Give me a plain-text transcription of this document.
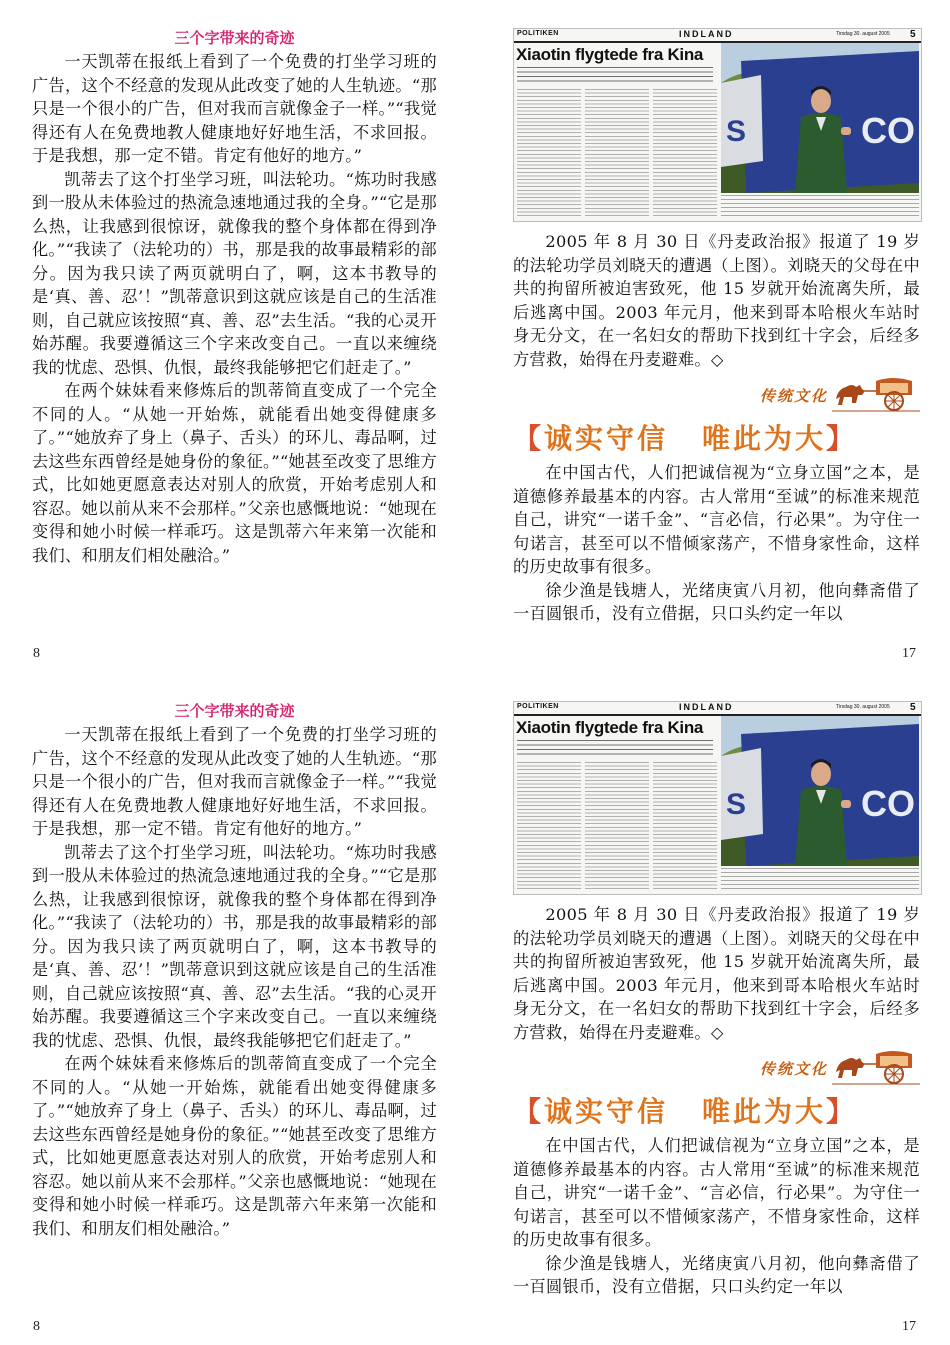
三个字带来的奇迹

一天凯蒂在报纸上看到了一个免费的打坐学习班的广告，这个不经意的发现从此改变了她的人生轨迹。“那只是一个很小的广告，但对我而言就像金子一样。”“我觉得还有人在免费地教人健康地好好地生活，不求回报。于是我想，那一定不错。肯定有他好的地方。”

凯蒂去了这个打坐学习班，叫法轮功。“炼功时我感到一股从未体验过的热流急速地通过我的全身。”“它是那么热，让我感到很惊讶，就像我的整个身体都在得到净化。”“我读了（法轮功的）书，那是我的故事最精彩的部分。因为我只读了两页就明白了，啊，这本书教导的是‘真、善、忍’！”凯蒂意识到这就应该是自己的生活准则，自己就应该按照“真、善、忍”去生活。“我的心灵开始苏醒。我要遵循这三个字来改变自己。一直以来缠绕我的忧虑、恐惧、仇恨，最终我能够把它们赶走了。”

在两个妹妹看来修炼后的凯蒂简直变成了一个完全不同的人。“从她一开始炼，就能看出她变得健康多了。”“她放弃了身上（鼻子、舌头）的环儿、毒品啊，过去这些东西曾经是她身份的象征。”“她甚至改变了思维方式，比如她更愿意表达对别人的欣赏，开始考虑别人和容忍。她以前从来不会那样。”父亲也感慨地说：“她现在变得和她小时候一样乖巧。这是凯蒂六年来第一次能和我们、和朋友们相处融洽。”

8
POLITIKEN	INDLAND	Tirsdag 30. august 2005 5
Xiaotin flygtede fra Kina
S	CO

2005 年 8 月 30 日《丹麦政治报》报道了 19 岁的法轮功学员刘晓天的遭遇（上图）。刘晓天的父母在中共的拘留所被迫害致死，他 15 岁就开始流离失所，最后逃离中国。2003 年元月，他来到哥本哈根火车站时身无分文，在一名妇女的帮助下找到红十字会，后经多方营救，始得在丹麦避难。◇

传统文化
【诚实守信 唯此为大】

在中国古代，人们把诚信视为“立身立国”之本，是道德修养最基本的内容。古人常用“至诚”的标准来规范自己，讲究“一诺千金”、“言必信，行必果”。为守住一句诺言，甚至可以不惜倾家荡产，不惜身家性命，这样的历史故事有很多。

徐少渔是钱塘人，光绪庚寅八月初，他向彝斋借了一百圆银币，没有立借据，只口头约定一年以

17
三个字带来的奇迹

一天凯蒂在报纸上看到了一个免费的打坐学习班的广告，这个不经意的发现从此改变了她的人生轨迹。“那只是一个很小的广告，但对我而言就像金子一样。”“我觉得还有人在免费地教人健康地好好地生活，不求回报。于是我想，那一定不错。肯定有他好的地方。”

凯蒂去了这个打坐学习班，叫法轮功。“炼功时我感到一股从未体验过的热流急速地通过我的全身。”“它是那么热，让我感到很惊讶，就像我的整个身体都在得到净化。”“我读了（法轮功的）书，那是我的故事最精彩的部分。因为我只读了两页就明白了，啊，这本书教导的是‘真、善、忍’！”凯蒂意识到这就应该是自己的生活准则，自己就应该按照“真、善、忍”去生活。“我的心灵开始苏醒。我要遵循这三个字来改变自己。一直以来缠绕我的忧虑、恐惧、仇恨，最终我能够把它们赶走了。”

在两个妹妹看来修炼后的凯蒂简直变成了一个完全不同的人。“从她一开始炼，就能看出她变得健康多了。”“她放弃了身上（鼻子、舌头）的环儿、毒品啊，过去这些东西曾经是她身份的象征。”“她甚至改变了思维方式，比如她更愿意表达对别人的欣赏，开始考虑别人和容忍。她以前从来不会那样。”父亲也感慨地说：“她现在变得和她小时候一样乖巧。这是凯蒂六年来第一次能和我们、和朋友们相处融洽。”

8
POLITIKEN	INDLAND	Tirsdag 30. august 2005 5
Xiaotin flygtede fra Kina
S	CO

2005 年 8 月 30 日《丹麦政治报》报道了 19 岁的法轮功学员刘晓天的遭遇（上图）。刘晓天的父母在中共的拘留所被迫害致死，他 15 岁就开始流离失所，最后逃离中国。2003 年元月，他来到哥本哈根火车站时身无分文，在一名妇女的帮助下找到红十字会，后经多方营救，始得在丹麦避难。◇

传统文化
【诚实守信 唯此为大】

在中国古代，人们把诚信视为“立身立国”之本，是道德修养最基本的内容。古人常用“至诚”的标准来规范自己，讲究“一诺千金”、“言必信，行必果”。为守住一句诺言，甚至可以不惜倾家荡产，不惜身家性命，这样的历史故事有很多。

徐少渔是钱塘人，光绪庚寅八月初，他向彝斋借了一百圆银币，没有立借据，只口头约定一年以

17
